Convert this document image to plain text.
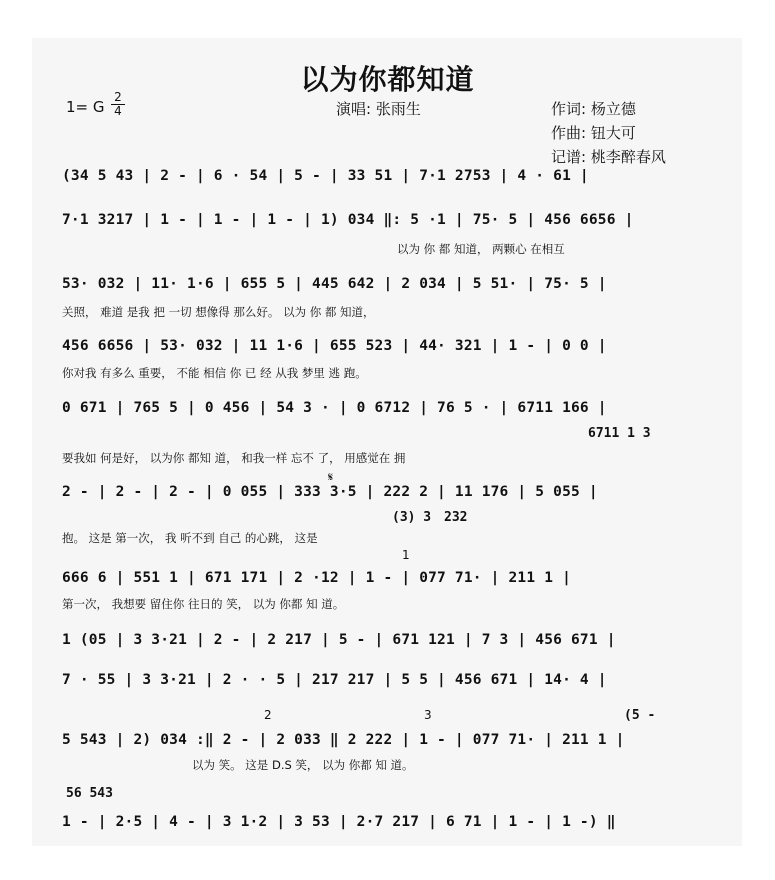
以为你都知道
1= G
2
4	演唱: 张雨生	作词: 杨立德
作曲: 钮大可
记谱: 桃李醉春风
(34 5 43 | 2 - | 6 · 54 | 5 - | 33 51 | 7·1 2753 | 4 · 61 |
7·1 3217 | 1 - | 1 - | 1 - | 1) 034 ‖: 5 ·1 | 75· 5 | 456 6656 |
以为 你 都 知道， 两颗心 在相互
53· 032 | 11· 1·6 | 655 5 | 445 642 | 2 034 | 5 51· | 75· 5 |
关照， 难道 是我 把 一切 想像得 那么好。 以为 你 都 知道，
456 6656 | 53· 032 | 11 1·6 | 655 523 | 44· 321 | 1 - | 0 0 |
你对我 有多么 重要， 不能 相信 你 已 经 从我 梦里 逃 跑。
0 671 | 765 5 | 0 456 | 54 3 · | 0 6712 | 76 5 · | 6711 166 |
6711 1 3
要我如 何是好， 以为你 都知 道， 和我一样 忘不 了， 用感觉在 拥
𝄋
2 - | 2 - | 2 - | 0 055 | 333 3·5 | 222 2 | 11 176 | 5 055 |
(3) 3 232
抱。 这是 第一次， 我 听不到 自己 的心跳， 这是
1
666 6 | 551 1 | 671 171 | 2 ·12 | 1 - | 077 71· | 211 1 |
第一次， 我想要 留住你 往日的 笑， 以为 你都 知 道。
1 (05 | 3 3·21 | 2 - | 2 217 | 5 - | 671 121 | 7 3 | 456 671 |
7 · 55 | 3 3·21 | 2 · · 5 | 217 217 | 5 5 | 456 671 | 14· 4 |
2	3	(5 -
5 543 | 2) 034 :‖ 2 - | 2 033 ‖ 2 222 | 1 - | 077 71· | 211 1 |
以为 笑。 这是 D.S 笑， 以为 你都 知 道。
56 543
1 - | 2·5 | 4 - | 3 1·2 | 3 53 | 2·7 217 | 6 71 | 1 - | 1 -) ‖
